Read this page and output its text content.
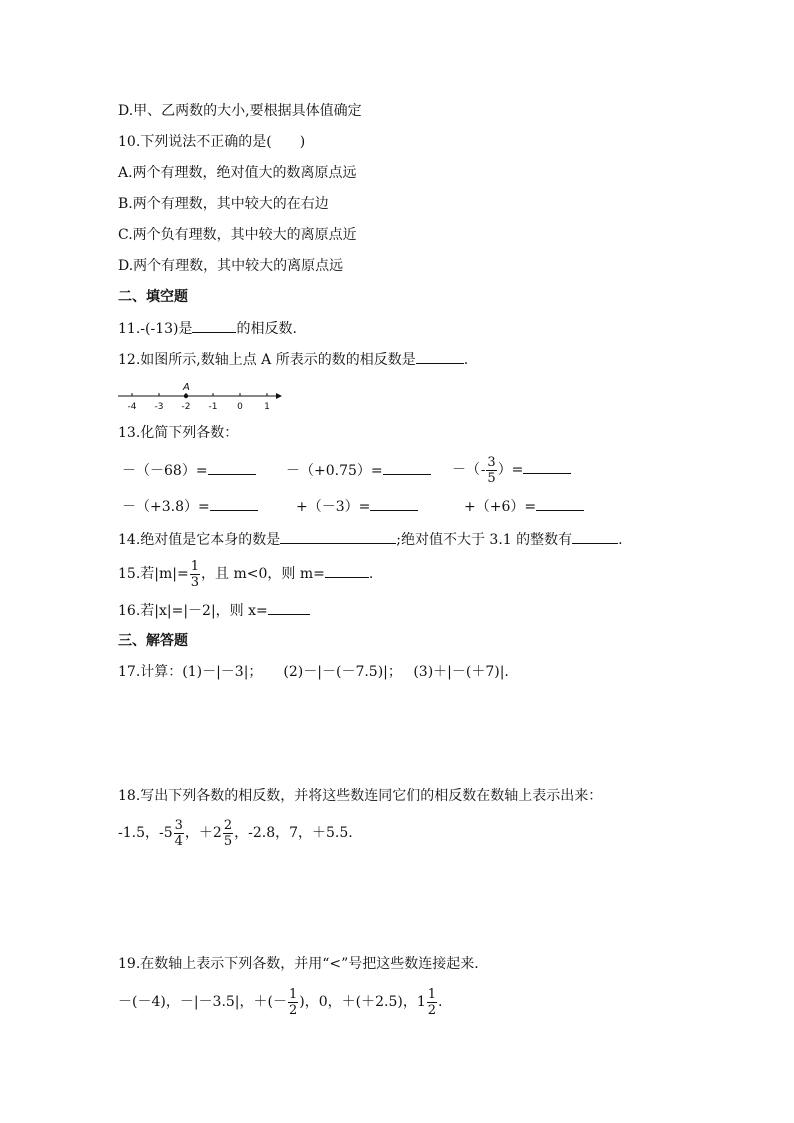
D.甲、乙两数的大小,要根据具体值确定
10.下列说法不正确的是(　　)
A.两个有理数，绝对值大的数离原点远
B.两个有理数，其中较大的在右边
C.两个负有理数，其中较大的离原点近
D.两个有理数，其中较大的离原点远
二、填空题
11.-(-13)是	的相反数.
12.如图所示,数轴上点 A 所表示的数的相反数是	.
-4 -3 -2 -1 0 1
A
13.化简下列各数：
－（－68）=	－（+0.75）=	－（ - $\frac{3}{5}$ ）=
－（+3.8）=	+（－3）=	+（+6）=
14.绝对值是它本身的数是	;绝对值不大于 3.1 的整数有	.
15.若$|m|= \frac{1}{3}$ ，且 m<0，则 m=	.
16.若|x|=|－2|，则 x=
三、解答题
17.计算：(1)－|－3|；　　(2)－|－(－7.5)|；　 (3)＋|－(＋7)|.
18.写出下列各数的相反数，并将这些数连同它们的相反数在数轴上表示出来：
-1.5，$-5 \frac{3}{4}$ ，$+2 \frac{2}{5}$ ，-2.8，7，＋5.5.
19.在数轴上表示下列各数，并用“<”号把这些数连接起来.
－(－4)，－|－3.5|，＋(－ $\frac{1}{2}$ )，0，＋(＋2.5)，$1 \frac{1}{2}$ .
